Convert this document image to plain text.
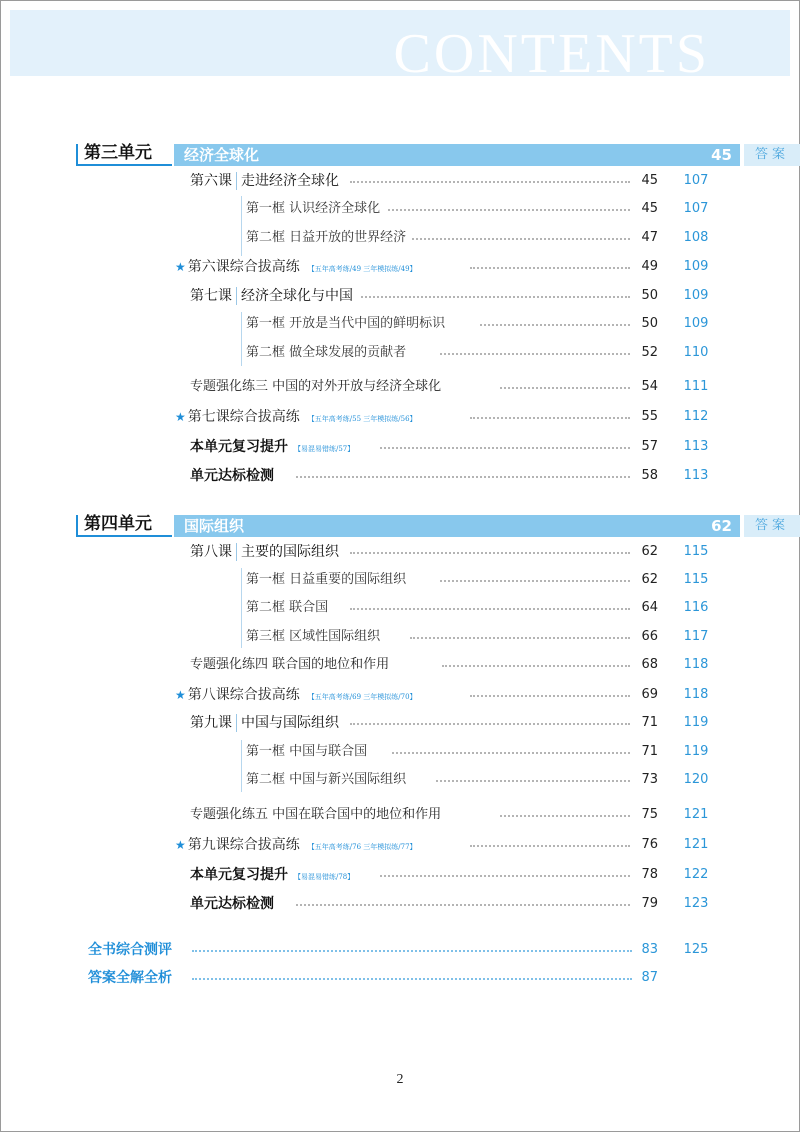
CONTENTS
第三单元 经济全球化	45	答案
第六课 走进经济全球化	45 107
第一框 认识经济全球化	45 107
第二框 日益开放的世界经济	47 108
★ 第六课综合拔高练 【五年高考练/49 三年模拟练/49】	49 109
第七课 经济全球化与中国	50 109
第一框 开放是当代中国的鲜明标识	50 109
第二框 做全球发展的贡献者	52 110
专题强化练三 中国的对外开放与经济全球化	54 111
★ 第七课综合拔高练 【五年高考练/55 三年模拟练/56】	55 112
本单元复习提升 【易混易错练/57】	57 113
单元达标检测	58 113
第四单元 国际组织	62	答案
第八课 主要的国际组织	62 115
第一框 日益重要的国际组织	62 115
第二框 联合国	64 116
第三框 区域性国际组织	66 117
专题强化练四 联合国的地位和作用	68 118
★ 第八课综合拔高练 【五年高考练/69 三年模拟练/70】	69 118
第九课 中国与国际组织	71 119
第一框 中国与联合国	71 119
第二框 中国与新兴国际组织	73 120
专题强化练五 中国在联合国中的地位和作用	75 121
★ 第九课综合拔高练 【五年高考练/76 三年模拟练/77】	76 121
本单元复习提升 【易混易错练/78】	78 122
单元达标检测	79 123
全书综合测评	83 125
答案全解全析	87
2
